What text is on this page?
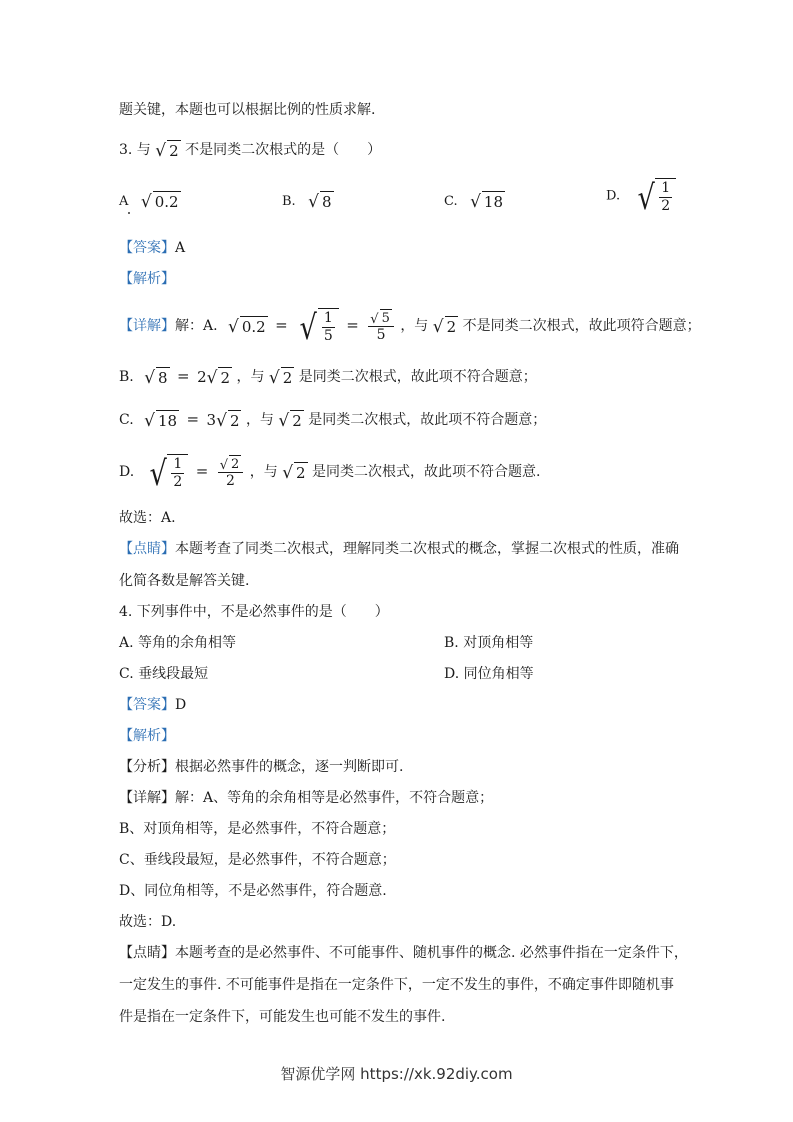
题关键，本题也可以根据比例的性质求解.
3. 与 √ 2 不是同类二次根式的是（　　）
A √ 0.2	B. √ 8	C. √ 18	D. √ $\frac{1}{2}$
【答案】A
【解析】
【详解】解：A. √ 0.2 = √ $\frac{1}{5} = \frac{√ 5}{5}$ ，与 √ 2 不是同类二次根式，故此项符合题意；
B. √ 8 = 2 √ 2 ，与 √ 2 是同类二次根式，故此项不符合题意；
C. √ 18 = 3 √ 2 ，与 √ 2 是同类二次根式，故此项不符合题意；
D. √ $\frac{1}{2} = \frac{√ 2}{2}$ ，与 √ 2 是同类二次根式，故此项不符合题意.
故选：A.
【点睛】本题考查了同类二次根式，理解同类二次根式的概念，掌握二次根式的性质，准确
化简各数是解答关键.
4. 下列事件中，不是必然事件的是（　　）
A. 等角的余角相等	B. 对顶角相等
C. 垂线段最短	D. 同位角相等
【答案】D
【解析】
【分析】根据必然事件的概念，逐一判断即可.
【详解】解：A、等角的余角相等是必然事件，不符合题意；
B、对顶角相等，是必然事件，不符合题意；
C、垂线段最短，是必然事件，不符合题意；
D、同位角相等，不是必然事件，符合题意.
故选：D.
【点睛】本题考查的是必然事件、不可能事件、随机事件的概念. 必然事件指在一定条件下，
一定发生的事件. 不可能事件是指在一定条件下，一定不发生的事件，不确定事件即随机事
件是指在一定条件下，可能发生也可能不发生的事件.
智源优学网 https://xk.92diy.com
